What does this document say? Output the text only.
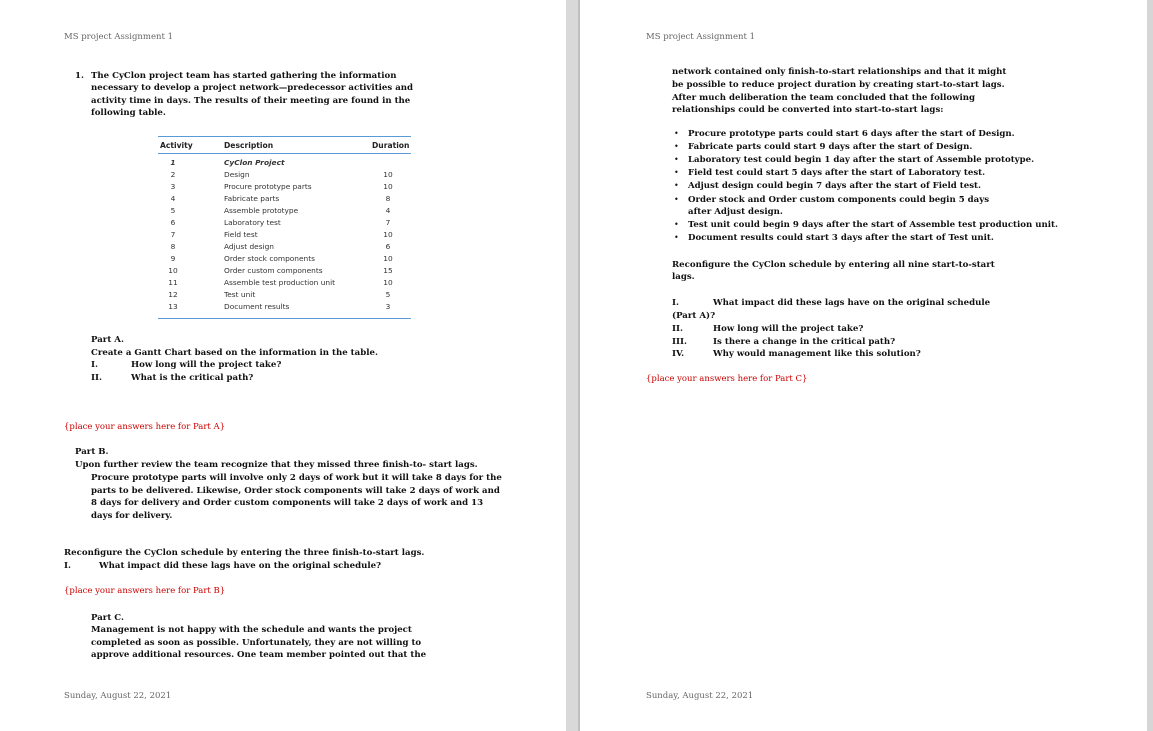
MS project Assignment 1
1. The CyClon project team has started gathering the information
necessary to develop a project network—predecessor activities and
activity time in days. The results of their meeting are found in the
following table.
Activity	Description	Duration
1	CyClon Project
2	Design	10
3	Procure prototype parts	10
4	Fabricate parts	8
5	Assemble prototype	4
6	Laboratory test	7
7	Field test	10
8	Adjust design	6
9	Order stock components	10
10	Order custom components	15
11	Assemble test production unit	10
12	Test unit	5
13	Document results	3
Part A.
Create a Gantt Chart based on the information in the table.
I.	How long will the project take?
II.	What is the critical path?
{place your answers here for Part A}
Part B.
Upon further review the team recognize that they missed three finish-to- start lags.
Procure prototype parts will involve only 2 days of work but it will take 8 days for the
parts to be delivered. Likewise, Order stock components will take 2 days of work and
8 days for delivery and Order custom components will take 2 days of work and 13
days for delivery.
Reconfigure the CyClon schedule by entering the three finish-to-start lags.
I.	What impact did these lags have on the original schedule?
{place your answers here for Part B}
Part C.
Management is not happy with the schedule and wants the project
completed as soon as possible. Unfortunately, they are not willing to
approve additional resources. One team member pointed out that the
Sunday, August 22, 2021
MS project Assignment 1
network contained only finish-to-start relationships and that it might
be possible to reduce project duration by creating start-to-start lags.
After much deliberation the team concluded that the following
relationships could be converted into start-to-start lags:
• Procure prototype parts could start 6 days after the start of Design.
• Fabricate parts could start 9 days after the start of Design.
• Laboratory test could begin 1 day after the start of Assemble prototype.
• Field test could start 5 days after the start of Laboratory test.
• Adjust design could begin 7 days after the start of Field test.
• Order stock and Order custom components could begin 5 days
after Adjust design.
• Test unit could begin 9 days after the start of Assemble test production unit.
• Document results could start 3 days after the start of Test unit.
Reconfigure the CyClon schedule by entering all nine start-to-start
lags.
I.	What impact did these lags have on the original schedule
(Part A)?
II.	How long will the project take?
III.	Is there a change in the critical path?
IV.	Why would management like this solution?
{place your answers here for Part C}
Sunday, August 22, 2021
